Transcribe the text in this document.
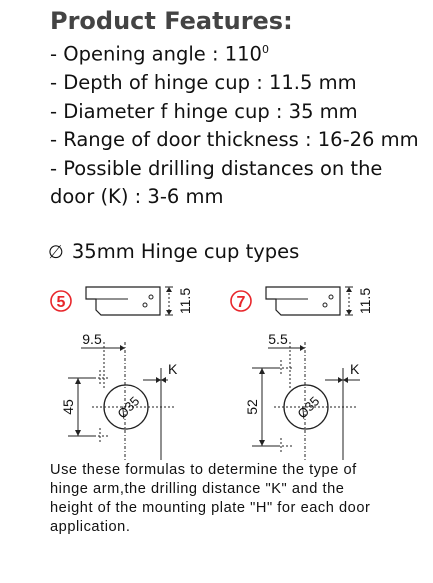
Product Features:
- Opening angle : $110^0$
- Depth of hinge cup : 11.5 mm
- Diameter f hinge cup : 35 mm
- Range of door thickness : 16-26 mm
- Possible drilling distances on the
door (K) : 3-6 mm
∅ 35mm Hinge cup types
5	11.5
9.5
K
45	Ø35
7	11.5
5.5
K
52	Ø35
Use these formulas to determine the type of hinge arm,the drilling distance "K" and the height of the mounting plate "H" for each door application.
